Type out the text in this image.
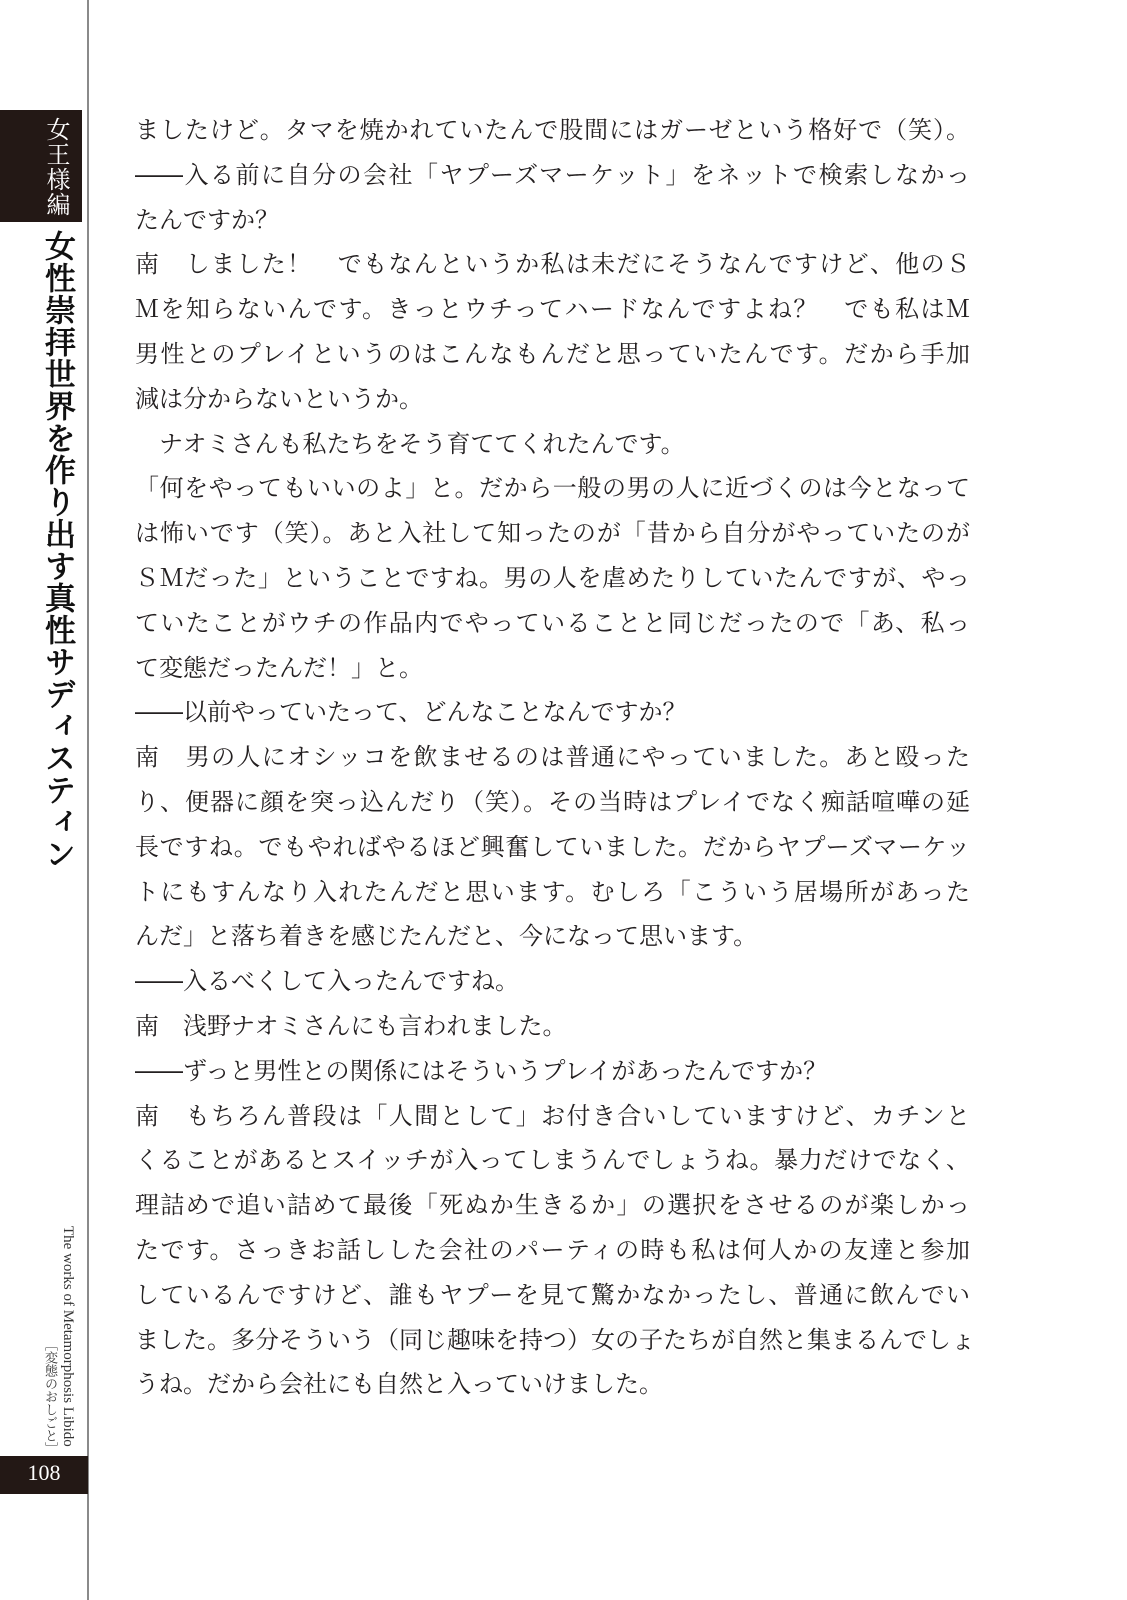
女王様編
女性崇拝世界を作り出す真性サディスティン
The works of Metamorphosis Libido
［変態のおしごと］
108
ましたけど。タマを焼かれていたんで股間にはガーゼという格好で（笑）。
――入る前に自分の会社「ヤプーズマーケット」をネットで検索しなかっ
たんですか？
南　しました！　でもなんというか私は未だにそうなんですけど、他のＳ
Ｍを知らないんです。きっとウチってハードなんですよね？　でも私はＭ
男性とのプレイというのはこんなもんだと思っていたんです。だから手加
減は分からないというか。
　ナオミさんも私たちをそう育ててくれたんです。
「何をやってもいいのよ」と。だから一般の男の人に近づくのは今となって
は怖いです（笑）。あと入社して知ったのが「昔から自分がやっていたのが
ＳＭだった」ということですね。男の人を虐めたりしていたんですが、やっ
ていたことがウチの作品内でやっていることと同じだったので「あ、私っ
て変態だったんだ！」と。
――以前やっていたって、どんなことなんですか？
南　男の人にオシッコを飲ませるのは普通にやっていました。あと殴った
り、便器に顔を突っ込んだり（笑）。その当時はプレイでなく痴話喧嘩の延
長ですね。でもやればやるほど興奮していました。だからヤプーズマーケッ
トにもすんなり入れたんだと思います。むしろ「こういう居場所があった
んだ」と落ち着きを感じたんだと、今になって思います。
――入るべくして入ったんですね。
南　浅野ナオミさんにも言われました。
――ずっと男性との関係にはそういうプレイがあったんですか？
南　もちろん普段は「人間として」お付き合いしていますけど、カチンと
くることがあるとスイッチが入ってしまうんでしょうね。暴力だけでなく、
理詰めで追い詰めて最後「死ぬか生きるか」の選択をさせるのが楽しかっ
たです。さっきお話しした会社のパーティの時も私は何人かの友達と参加
しているんですけど、誰もヤプーを見て驚かなかったし、普通に飲んでい
ました。多分そういう（同じ趣味を持つ）女の子たちが自然と集まるんでしょ
うね。だから会社にも自然と入っていけました。
